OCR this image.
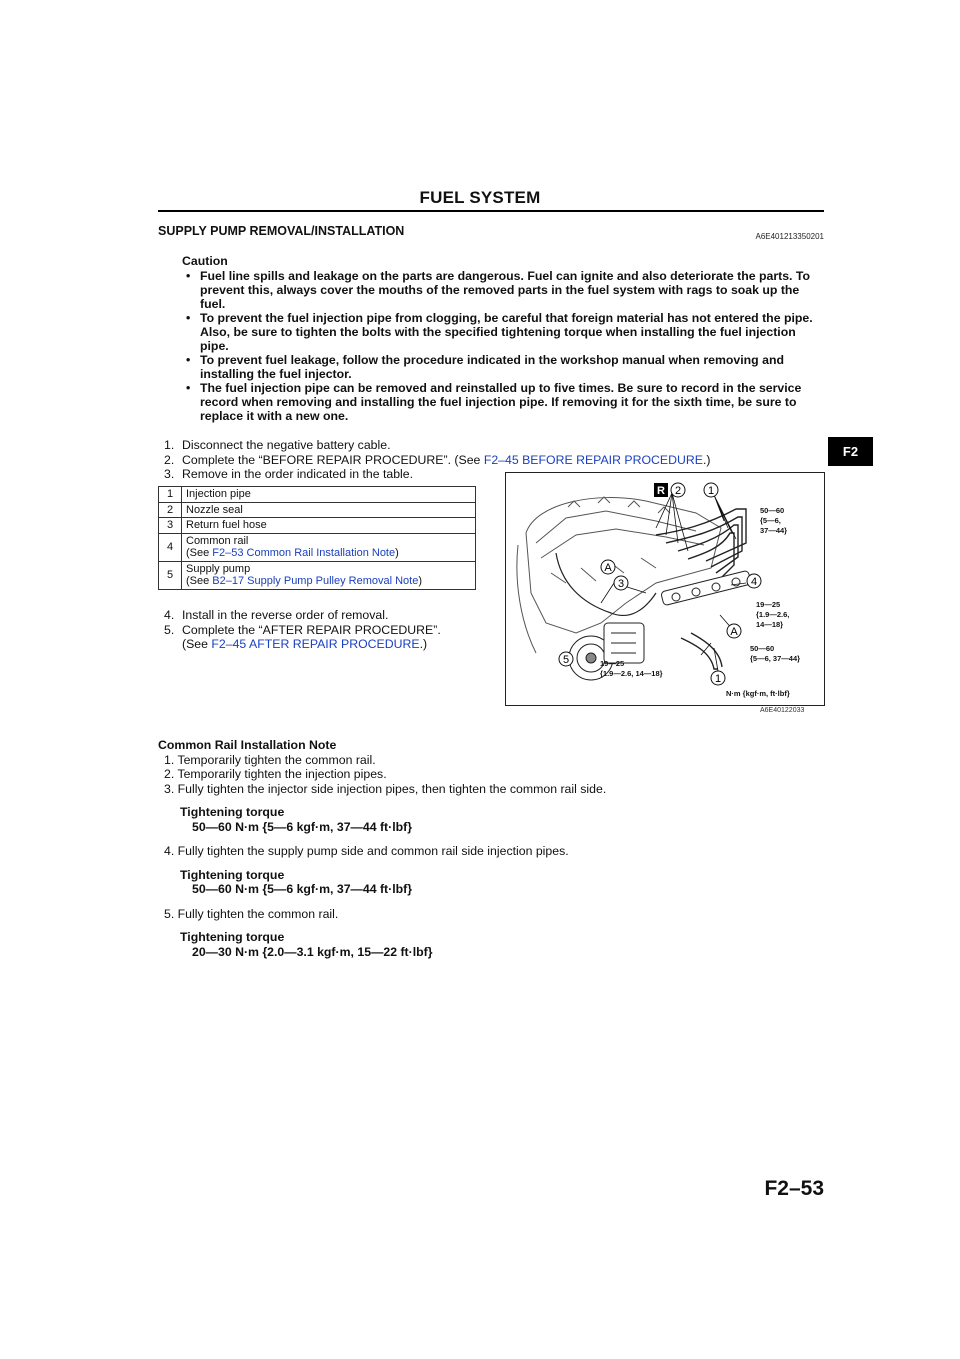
FUEL SYSTEM
SUPPLY PUMP REMOVAL/INSTALLATION	A6E401213350201
F2
Caution
• Fuel line spills and leakage on the parts are dangerous. Fuel can ignite and also deteriorate the parts. To prevent this, always cover the mouths of the removed parts in the fuel system with rags to soak up the fuel.
• To prevent the fuel injection pipe from clogging, be careful that foreign material has not entered the pipe. Also, be sure to tighten the bolts with the specified tightening torque when installing the fuel injection pipe.
• To prevent fuel leakage, follow the procedure indicated in the workshop manual when removing and installing the fuel injector.
• The fuel injection pipe can be removed and reinstalled up to five times. Be sure to record in the service record when removing and installing the fuel injection pipe. If removing it for the sixth time, be sure to replace it with a new one.
1. Disconnect the negative battery cable.
2. Complete the “BEFORE REPAIR PROCEDURE”. (See F2–45 BEFORE REPAIR PROCEDURE.)
3. Remove in the order indicated in the table.
1	Injection pipe
2	Nozzle seal
3	Return fuel hose
4	Common rail
(See F2–53 Common Rail Installation Note)
5	Supply pump
(See B2–17 Supply Pump Pulley Removal Note)
4. Install in the reverse order of removal.
5. Complete the “AFTER REPAIR PROCEDURE”.
(See F2–45 AFTER REPAIR PROCEDURE.)
R 2 1
A
3	4
A
5
1
50—60
{5—6,
37—44}
19—25
{1.9—2.6,
14—18}
50—60
{5—6, 37—44}
19—25
{1.9—2.6, 14—18}
N·m {kgf·m, ft·lbf}
A6E40122033
Common Rail Installation Note
1. Temporarily tighten the common rail.
2. Temporarily tighten the injection pipes.
3. Fully tighten the injector side injection pipes, then tighten the common rail side.
Tightening torque
50—60 N·m {5—6 kgf·m, 37—44 ft·lbf}
4. Fully tighten the supply pump side and common rail side injection pipes.
Tightening torque
50—60 N·m {5—6 kgf·m, 37—44 ft·lbf}
5. Fully tighten the common rail.
Tightening torque
20—30 N·m {2.0—3.1 kgf·m, 15—22 ft·lbf}
F2–53
